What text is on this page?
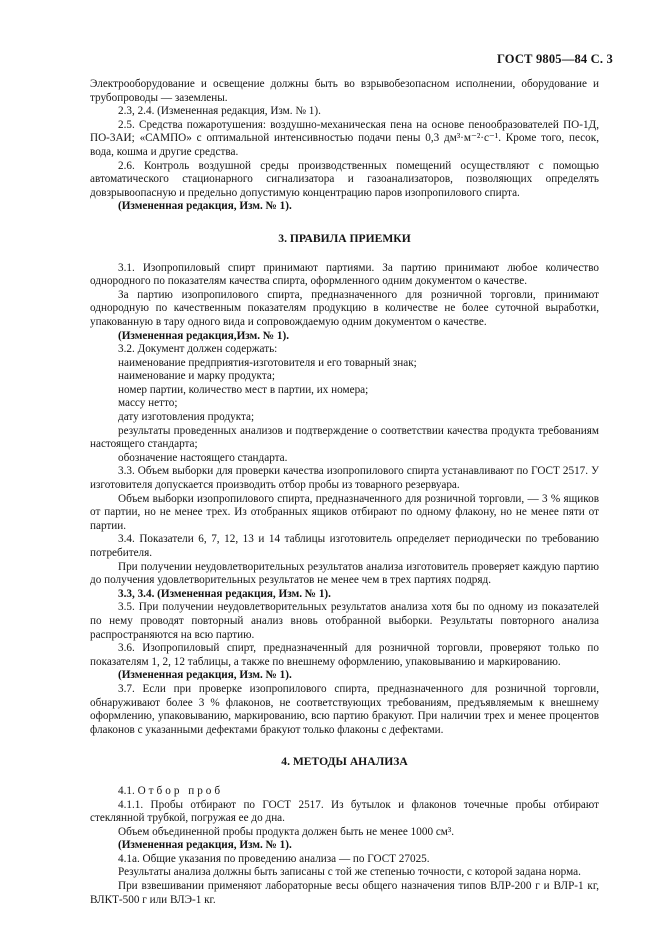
ГОСТ 9805—84 С. 3

Электрооборудование и освещение должны быть во взрывобезопасном исполнении, оборудование и трубопроводы — заземлены.

2.3, 2.4. (Измененная редакция, Изм. № 1).

2.5. Средства пожаротушения: воздушно-механическая пена на основе пенообразователей ПО-1Д, ПО-3АИ; «САМПО» с оптимальной интенсивностью подачи пены 0,3 дм³·м⁻²·с⁻¹. Кроме того, песок, вода, кошма и другие средства.

2.6. Контроль воздушной среды производственных помещений осуществляют с помощью автоматического стационарного сигнализатора и газоанализаторов, позволяющих определять довзрывоопасную и предельно допустимую концентрацию паров изопропилового спирта.

(Измененная редакция, Изм. № 1).

3. ПРАВИЛА ПРИЕМКИ

3.1. Изопропиловый спирт принимают партиями. За партию принимают любое количество однородного по показателям качества спирта, оформленного одним документом о качестве.

За партию изопропилового спирта, предназначенного для розничной торговли, принимают однородную по качественным показателям продукцию в количестве не более суточной выработки, упакованную в тару одного вида и сопровождаемую одним документом о качестве.

(Измененная редакция,Изм. № 1).

3.2. Документ должен содержать:

наименование предприятия-изготовителя и его товарный знак;

наименование и марку продукта;

номер партии, количество мест в партии, их номера;

массу нетто;

дату изготовления продукта;

результаты проведенных анализов и подтверждение о соответствии качества продукта требованиям настоящего стандарта;

обозначение настоящего стандарта.

3.3. Объем выборки для проверки качества изопропилового спирта устанавливают по ГОСТ 2517. У изготовителя допускается производить отбор пробы из товарного резервуара.

Объем выборки изопропилового спирта, предназначенного для розничной торговли, — 3 % ящиков от партии, но не менее трех. Из отобранных ящиков отбирают по одному флакону, но не менее пяти от партии.

3.4. Показатели 6, 7, 12, 13 и 14 таблицы изготовитель определяет периодически по требованию потребителя.

При получении неудовлетворительных результатов анализа изготовитель проверяет каждую партию до получения удовлетворительных результатов не менее чем в трех партиях подряд.

3.3, 3.4. (Измененная редакция, Изм. № 1).

3.5. При получении неудовлетворительных результатов анализа хотя бы по одному из показателей по нему проводят повторный анализ вновь отобранной выборки. Результаты повторного анализа распространяются на всю партию.

3.6. Изопропиловый спирт, предназначенный для розничной торговли, проверяют только по показателям 1, 2, 12 таблицы, а также по внешнему оформлению, упаковыванию и маркированию.

(Измененная редакция, Изм. № 1).

3.7. Если при проверке изопропилового спирта, предназначенного для розничной торговли, обнаруживают более 3 % флаконов, не соответствующих требованиям, предъявляемым к внешнему оформлению, упаковыванию, маркированию, всю партию бракуют. При наличии трех и менее процентов флаконов с указанными дефектами бракуют только флаконы с дефектами.

4. МЕТОДЫ АНАЛИЗА

4.1. Отбор проб

4.1.1. Пробы отбирают по ГОСТ 2517. Из бутылок и флаконов точечные пробы отбирают стеклянной трубкой, погружая ее до дна.

Объем объединенной пробы продукта должен быть не менее 1000 см³.

(Измененная редакция, Изм. № 1).

4.1а. Общие указания по проведению анализа — по ГОСТ 27025.

Результаты анализа должны быть записаны с той же степенью точности, с которой задана норма.

При взвешивании применяют лабораторные весы общего назначения типов ВЛР-200 г и ВЛР-1 кг, ВЛКТ-500 г или ВЛЭ-1 кг.
